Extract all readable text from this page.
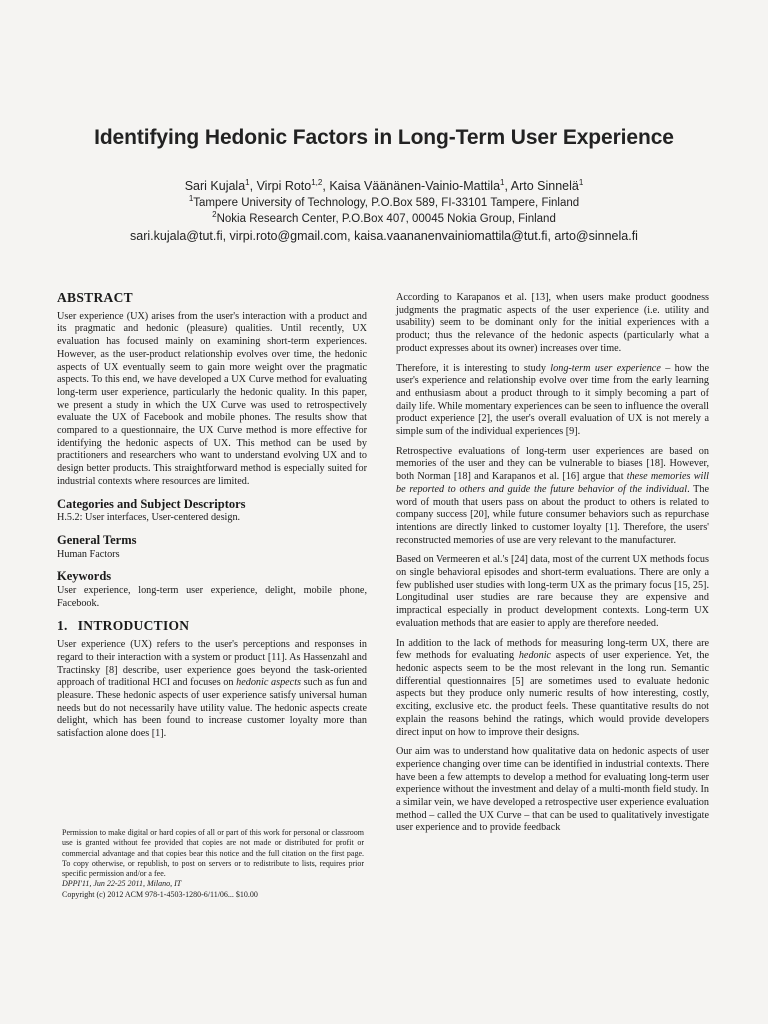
Identifying Hedonic Factors in Long-Term User Experience
Sari Kujala$^1$, Virpi Roto$^{1,2}$, Kaisa Väänänen-Vainio-Mattila$^1$, Arto Sinnelä$^1$
$^1$Tampere University of Technology, P.O.Box 589, FI-33101 Tampere, Finland
$^2$Nokia Research Center, P.O.Box 407, 00045 Nokia Group, Finland
sari.kujala@tut.fi, virpi.roto@gmail.com, kaisa.vaananenvainiomattila@tut.fi, arto@sinnela.fi
ABSTRACT

User experience (UX) arises from the user's interaction with a product and its pragmatic and hedonic (pleasure) qualities. Until recently, UX evaluation has focused mainly on examining short-term experiences. However, as the user-product relationship evolves over time, the hedonic aspects of UX eventually seem to gain more weight over the pragmatic aspects. To this end, we have developed a UX Curve method for evaluating long-term user experience, particularly the hedonic quality. In this paper, we present a study in which the UX Curve was used to retrospectively evaluate the UX of Facebook and mobile phones. The results show that compared to a questionnaire, the UX Curve method is more effective for identifying the hedonic aspects of UX. This method can be used by practitioners and researchers who want to understand evolving UX and to design better products. This straightforward method is especially suited for industrial contexts where resources are limited.

Categories and Subject Descriptors

H.5.2: User interfaces, User-centered design.

General Terms

Human Factors

Keywords

User experience, long-term user experience, delight, mobile phone, Facebook.

1. INTRODUCTION

User experience (UX) refers to the user's perceptions and responses in regard to their interaction with a system or product [11]. As Hassenzahl and Tractinsky [8] describe, user experience goes beyond the task-oriented approach of traditional HCI and focuses on hedonic aspects such as fun and pleasure. These hedonic aspects of user experience satisfy universal human needs but do not necessarily have utility value. The hedonic aspects create delight, which has been found to increase customer loyalty more than satisfaction alone does [1].

Permission to make digital or hard copies of all or part of this work for personal or classroom use is granted without fee provided that copies are not made or distributed for profit or commercial advantage and that copies bear this notice and the full citation on the first page. To copy otherwise, or republish, to post on servers or to redistribute to lists, requires prior specific permission and/or a fee.
DPPI'11, Jun 22-25 2011, Milano, IT
Copyright (c) 2012 ACM 978-1-4503-1280-6/11/06... $10.00

According to Karapanos et al. [13], when users make product goodness judgments the pragmatic aspects of the user experience (i.e. utility and usability) seem to be dominant only for the initial experiences with a product; thus the relevance of the hedonic aspects (particularly what a product expresses about its owner) increases over time.

Therefore, it is interesting to study long-term user experience – how the user's experience and relationship evolve over time from the early learning and enthusiasm about a product through to it simply becoming a part of daily life. While momentary experiences can be seen to influence the overall product experience [2], the user's overall evaluation of UX is not merely a simple sum of the individual experiences [9].

Retrospective evaluations of long-term user experiences are based on memories of the user and they can be vulnerable to biases [18]. However, both Norman [18] and Karapanos et al. [16] argue that these memories will be reported to others and guide the future behavior of the individual. The word of mouth that users pass on about the product to others is related to company success [20], while future consumer behaviors such as repurchase intentions are directly linked to customer loyalty [1]. Therefore, the users' reconstructed memories of use are very relevant to the manufacturer.

Based on Vermeeren et al.'s [24] data, most of the current UX methods focus on single behavioral episodes and short-term evaluations. There are only a few published user studies with long-term UX as the primary focus [15, 25]. Longitudinal user studies are rare because they are expensive and impractical especially in product development contexts. Long-term UX evaluation methods that are easier to apply are therefore needed.

In addition to the lack of methods for measuring long-term UX, there are few methods for evaluating hedonic aspects of user experience. Yet, the hedonic aspects seem to be the most relevant in the long run. Semantic differential questionnaires [5] are sometimes used to evaluate hedonic aspects but they produce only numeric results of how interesting, costly, exciting, exclusive etc. the product feels. These quantitative results do not explain the reasons behind the ratings, which would provide developers direct input on how to improve their designs.

Our aim was to understand how qualitative data on hedonic aspects of user experience changing over time can be identified in industrial contexts. There have been a few attempts to develop a method for evaluating long-term user experience without the investment and delay of a multi-month field study. In a similar vein, we have developed a retrospective user experience evaluation method – called the UX Curve – that can be used to qualitatively investigate user experience and to provide feedback
